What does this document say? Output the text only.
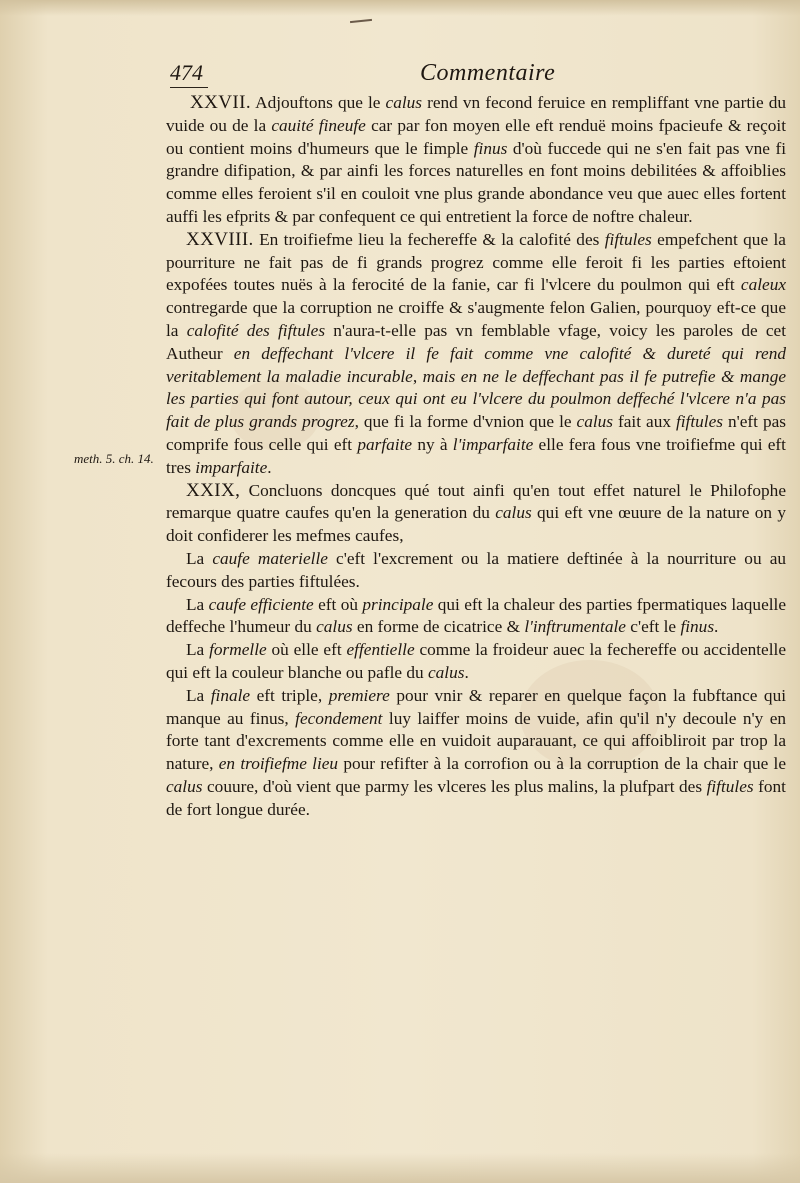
474	Commentaire
meth. 5. ch. 14.

XXVII. Adjouftons que le calus rend vn fecond feruice en rempliffant vne partie du vuide ou de la cauité fineufe car par fon moyen elle eft renduë moins fpacieufe & reçoit ou contient moins d'humeurs que le fimple finus d'où fuccede qui ne s'en fait pas vne fi grandre difipation, & par ainfi les forces naturelles en font moins debilitées & affoiblies comme elles feroient s'il en couloit vne plus grande abondance veu que auec elles fortent auffi les efprits & par confequent ce qui entretient la force de noftre chaleur.

XXVIII. En troifiefme lieu la fechereffe & la calofité des fiftules empefchent que la pourriture ne fait pas de fi grands progrez comme elle feroit fi les parties eftoient expofées toutes nuës à la ferocité de la fanie, car fi l'vlcere du poulmon qui eft caleux contregarde que la corruption ne croiffe & s'augmente felon Galien, pourquoy eft-ce que la calofité des fiftules n'aura-t-elle pas vn femblable vfage, voicy les paroles de cet Autheur en deffechant l'vlcere il fe fait comme vne calofité & dureté qui rend veritablement la maladie incurable, mais en ne le deffechant pas il fe putrefie & mange les parties qui font autour, ceux qui ont eu l'vlcere du poulmon deffeché l'vlcere n'a pas fait de plus grands progrez, que fi la forme d'vnion que le calus fait aux fiftules n'eft pas comprife fous celle qui eft parfaite ny à l'imparfaite elle fera fous vne troifiefme qui eft tres imparfaite.

XXIX, Concluons doncques qué tout ainfi qu'en tout effet naturel le Philofophe remarque quatre caufes qu'en la generation du calus qui eft vne œuure de la nature on y doit confiderer les mefmes caufes,

La caufe materielle c'eft l'excrement ou la matiere deftinée à la nourriture ou au fecours des parties fiftulées.

La caufe efficiente eft où principale qui eft la chaleur des parties fpermatiques laquelle deffeche l'humeur du calus en forme de cicatrice & l'inftrumentale c'eft le finus.

La formelle où elle eft effentielle comme la froideur auec la fechereffe ou accidentelle qui eft la couleur blanche ou pafle du calus.

La finale eft triple, premiere pour vnir & reparer en quelque façon la fubftance qui manque au finus, fecondement luy laiffer moins de vuide, afin qu'il n'y decoule n'y en forte tant d'excrements comme elle en vuidoit auparauant, ce qui affoibliroit par trop la nature, en troifiefme lieu pour refifter à la corrofion ou à la corruption de la chair que le calus couure, d'où vient que parmy les vlceres les plus malins, la plufpart des fiftules font de fort longue durée.
